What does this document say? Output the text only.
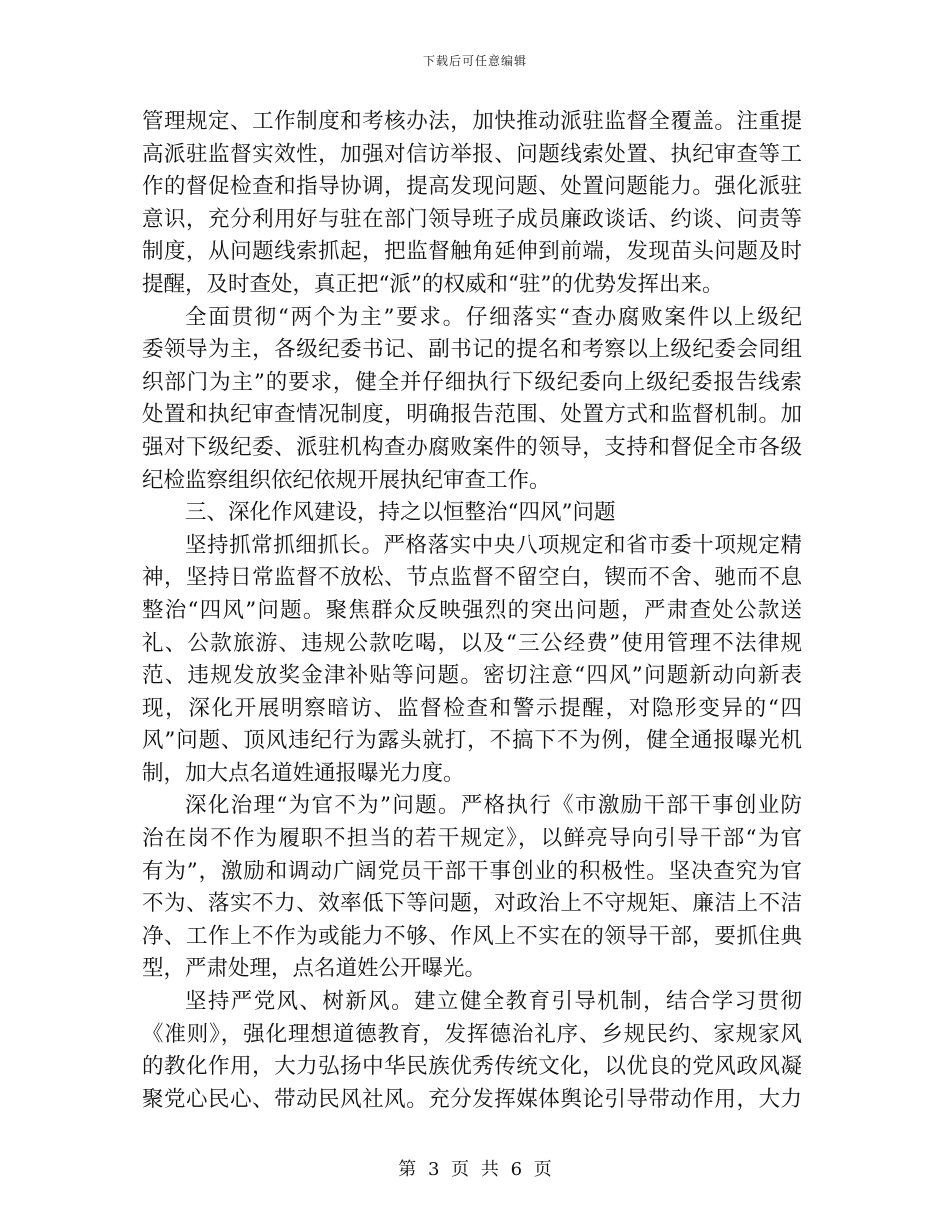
下载后可任意编辑
管理规定、工作制度和考核办法，加快推动派驻监督全覆盖。注重提
高派驻监督实效性，加强对信访举报、问题线索处置、执纪审查等工
作的督促检查和指导协调，提高发现问题、处置问题能力。强化派驻
意识，充分利用好与驻在部门领导班子成员廉政谈话、约谈、问责等
制度，从问题线索抓起，把监督触角延伸到前端，发现苗头问题及时
提醒，及时查处，真正把“派”的权威和“驻”的优势发挥出来。
全面贯彻“两个为主”要求。仔细落实“查办腐败案件以上级纪
委领导为主，各级纪委书记、副书记的提名和考察以上级纪委会同组
织部门为主”的要求，健全并仔细执行下级纪委向上级纪委报告线索
处置和执纪审查情况制度，明确报告范围、处置方式和监督机制。加
强对下级纪委、派驻机构查办腐败案件的领导，支持和督促全市各级
纪检监察组织依纪依规开展执纪审查工作。
三、深化作风建设，持之以恒整治“四风”问题
坚持抓常抓细抓长。严格落实中央八项规定和省市委十项规定精
神，坚持日常监督不放松、节点监督不留空白，锲而不舍、驰而不息
整治“四风”问题。聚焦群众反映强烈的突出问题，严肃查处公款送
礼、公款旅游、违规公款吃喝，以及“三公经费”使用管理不法律规
范、违规发放奖金津补贴等问题。密切注意“四风”问题新动向新表
现，深化开展明察暗访、监督检查和警示提醒，对隐形变异的“四
风”问题、顶风违纪行为露头就打，不搞下不为例，健全通报曝光机
制，加大点名道姓通报曝光力度。
深化治理“为官不为”问题。严格执行《市激励干部干事创业防
治在岗不作为履职不担当的若干规定》，以鲜亮导向引导干部“为官
有为”，激励和调动广阔党员干部干事创业的积极性。坚决查究为官
不为、落实不力、效率低下等问题，对政治上不守规矩、廉洁上不洁
净、工作上不作为或能力不够、作风上不实在的领导干部，要抓住典
型，严肃处理，点名道姓公开曝光。
坚持严党风、树新风。建立健全教育引导机制，结合学习贯彻
《准则》，强化理想道德教育，发挥德治礼序、乡规民约、家规家风
的教化作用，大力弘扬中华民族优秀传统文化，以优良的党风政风凝
聚党心民心、带动民风社风。充分发挥媒体舆论引导带动作用，大力
第 3 页 共 6 页
